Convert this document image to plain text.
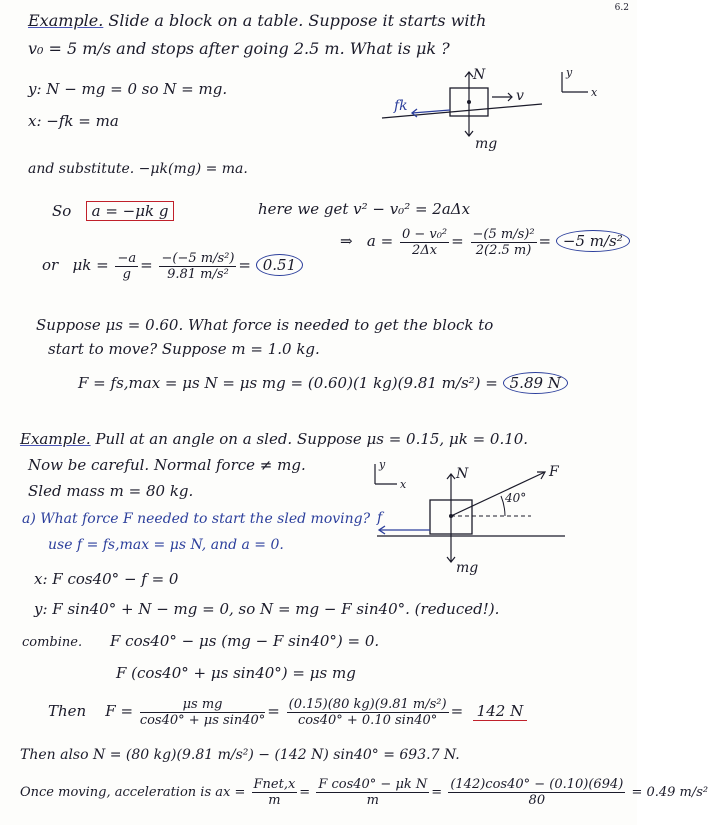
6.2
Example. Slide a block on a table. Suppose it starts with
v₀ = 5 m/s and stops after going 2.5 m. What is μk ?
y: N − mg = 0 so N = mg.
x: −fk = ma
N
fk
v
mg
y
x
and substitute. −μk(mg) = ma.
So a = −μk g	here we get v² − v₀² = 2aΔx
⇒ $a = \frac{\text{0 − v₀²}}{2\Delta x} = \frac{\text{−(5 m/s)²}}{2(2.5 m)} = -5$ m/s²
or $\mu k = \frac{-a}{g} = \frac{\text{−(−5 m/s²)}}{\text{9.81 m/s²}} = 0.51$
Suppose μs = 0.60. What force is needed to get the block to
start to move? Suppose m = 1.0 kg.
F = fs,max = μs N = μs mg = (0.60)(1 kg)(9.81 m/s²) = 5.89 N
Example. Pull at an angle on a sled. Suppose μs = 0.15, μk = 0.10.
Now be careful. Normal force ≠ mg.
Sled mass m = 80 kg.
y
x
N	F
40°
f
mg
a) What force F needed to start the sled moving?
use f = fs,max = μs N, and a = 0.
x: F cos40° − f = 0
y: F sin40° + N − mg = 0, so N = mg − F sin40°. (reduced!).
combine. F cos40° − μs (mg − F sin40°) = 0.
F (cos40° + μs sin40°) = μs mg
Then $F = \frac{\text{μs mg}}{\text{cos40° + μs sin40°}} = \frac{\text{(0.15)(80 kg)(9.81 m/s²)}}{\cos 40^\circ + 0.10 \sin 40^\circ} = 142$ N
Then also N = (80 kg)(9.81 m/s²) − (142 N) sin40° = 693.7 N.
Once moving, acceleration is ax = $\frac{\text{Fnet,x}}{m} = \frac{\text{F cos40° − μk N}}{m} = \frac{(142)\cos 40^\circ - (0.10)(694)}{80} = 0.49$ m/s²
